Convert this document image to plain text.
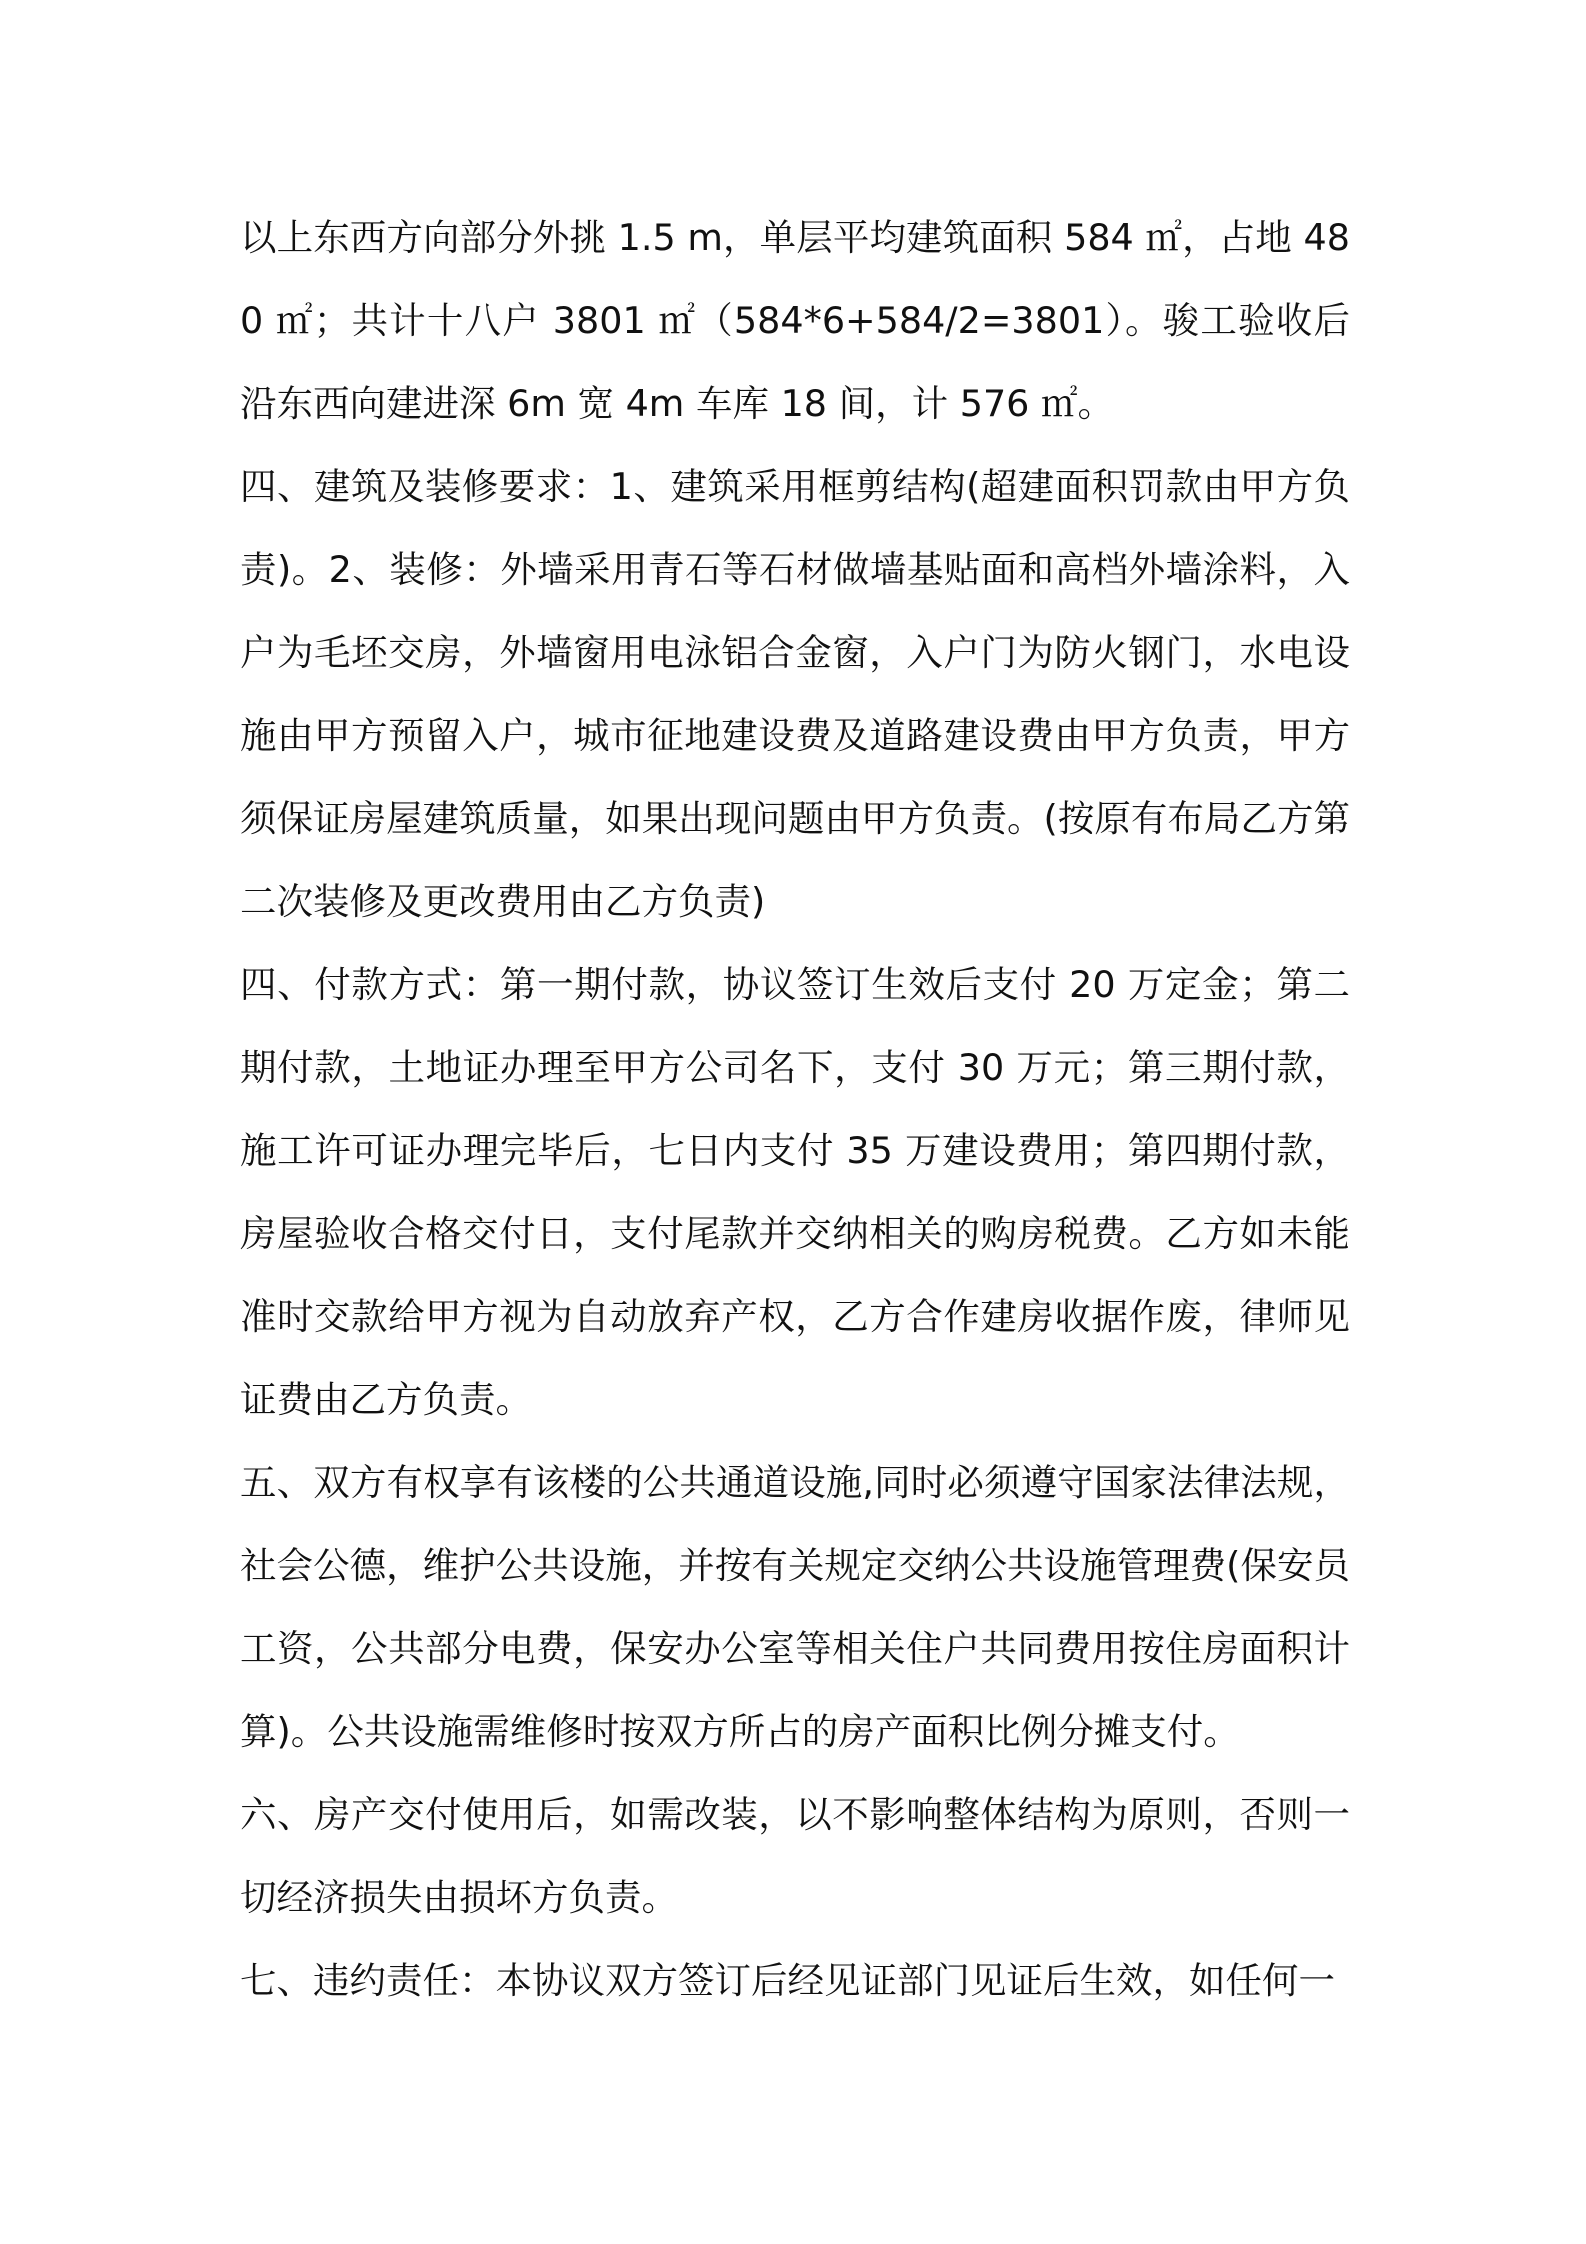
以上东西方向部分外挑 1.5 m，单层平均建筑面积 584 ㎡，占地 480 ㎡；共计十八户 3801 ㎡（584*6+584/2=3801）。骏工验收后沿东西向建进深 6m 宽 4m 车库 18 间，计 576 ㎡。

四、建筑及装修要求：1、建筑采用框剪结构(超建面积罚款由甲方负责)。2、装修：外墙采用青石等石材做墙基贴面和高档外墙涂料，入户为毛坯交房，外墙窗用电泳铝合金窗，入户门为防火钢门，水电设施由甲方预留入户，城市征地建设费及道路建设费由甲方负责，甲方须保证房屋建筑质量，如果出现问题由甲方负责。(按原有布局乙方第二次装修及更改费用由乙方负责)

四、付款方式：第一期付款，协议签订生效后支付 20 万定金；第二期付款，土地证办理至甲方公司名下，支付 30 万元；第三期付款，施工许可证办理完毕后，七日内支付 35 万建设费用；第四期付款，房屋验收合格交付日，支付尾款并交纳相关的购房税费。乙方如未能准时交款给甲方视为自动放弃产权，乙方合作建房收据作废，律师见证费由乙方负责。

五、双方有权享有该楼的公共通道设施,同时必须遵守国家法律法规，社会公德，维护公共设施，并按有关规定交纳公共设施管理费(保安员工资，公共部分电费，保安办公室等相关住户共同费用按住房面积计算)。公共设施需维修时按双方所占的房产面积比例分摊支付。

六、房产交付使用后，如需改装，以不影响整体结构为原则，否则一切经济损失由损坏方负责。

七、违约责任：本协议双方签订后经见证部门见证后生效，如任何一
